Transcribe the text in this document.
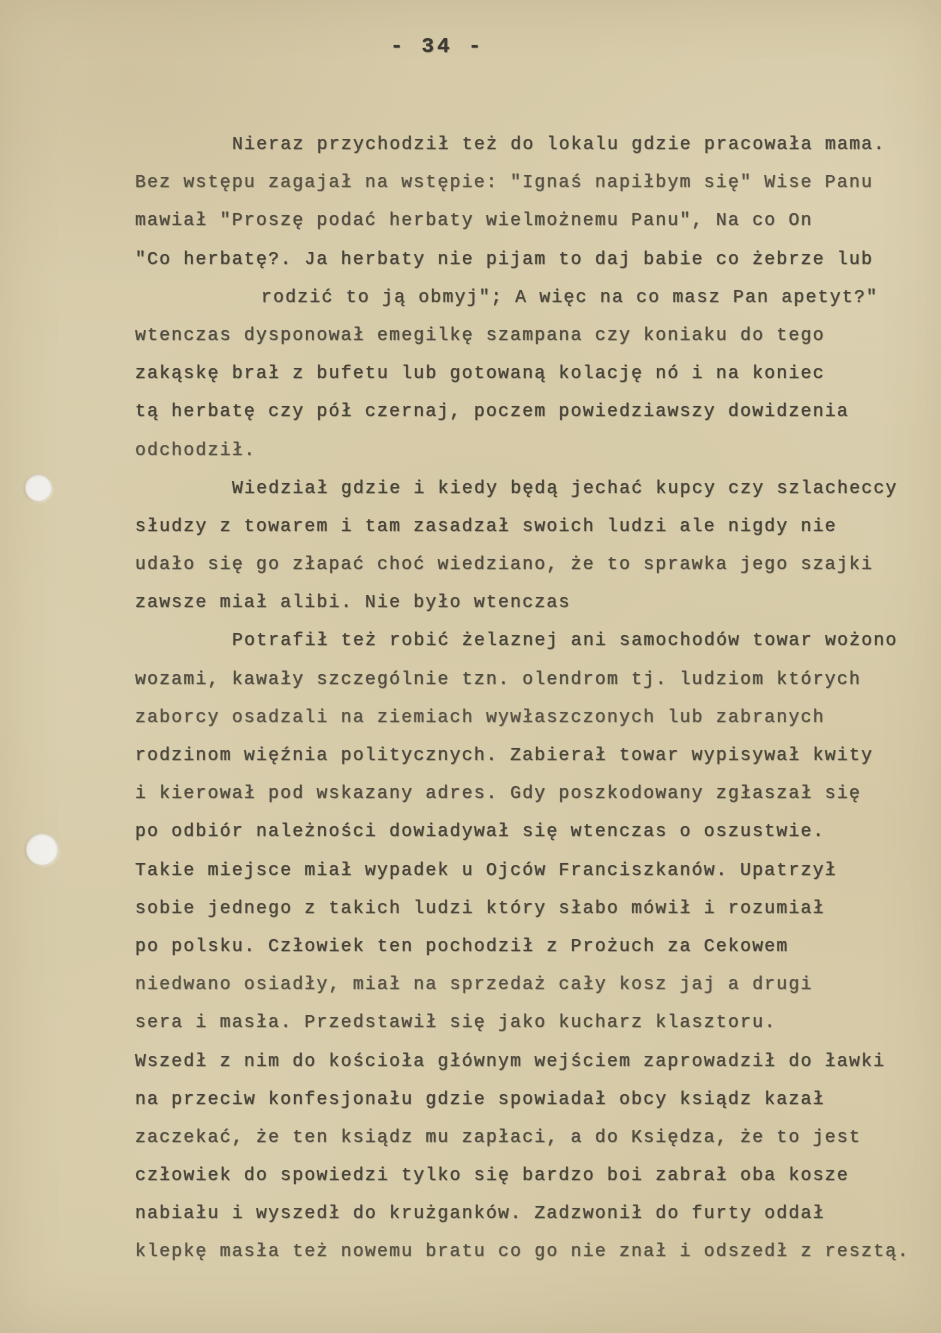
- 34 -
Nieraz przychodził też do lokalu gdzie pracowała mama.
Bez wstępu zagajał na wstępie: "Ignaś napiłbym się" Wise Panu
mawiał "Proszę podać herbaty wielmożnemu Panu", Na co On
"Co herbatę?. Ja herbaty nie pijam to daj babie co żebrze lub
rodzić to ją obmyj"; A więc na co masz Pan apetyt?"
wtenczas dysponował emegilkę szampana czy koniaku do tego
zakąskę brał z bufetu lub gotowaną kolację nó i na koniec
tą herbatę czy pół czernaj, poczem powiedziawszy dowidzenia
odchodził.
Wiedział gdzie i kiedy będą jechać kupcy czy szlacheccy
słudzy z towarem i tam zasadzał swoich ludzi ale nigdy nie
udało się go złapać choć wiedziano, że to sprawka jego szajki
zawsze miał alibi. Nie było wtenczas
Potrafił też robić żelaznej ani samochodów towar wożono
wozami, kawały szczególnie tzn. olendrom tj. ludziom których
zaborcy osadzali na ziemiach wywłaszczonych lub zabranych
rodzinom więźnia politycznych. Zabierał towar wypisywał kwity
i kierował pod wskazany adres. Gdy poszkodowany zgłaszał się
po odbiór należności dowiadywał się wtenczas o oszustwie.
Takie miejsce miał wypadek u Ojców Franciszkanów. Upatrzył
sobie jednego z takich ludzi który słabo mówił i rozumiał
po polsku. Człowiek ten pochodził z Prożuch za Cekowem
niedwano osiadły, miał na sprzedaż cały kosz jaj a drugi
sera i masła. Przedstawił się jako kucharz klasztoru.
Wszedł z nim do kościoła głównym wejściem zaprowadził do ławki
na przeciw konfesjonału gdzie spowiadał obcy ksiądz kazał
zaczekać, że ten ksiądz mu zapłaci, a do Księdza, że to jest
człowiek do spowiedzi tylko się bardzo boi zabrał oba kosze
nabiału i wyszedł do krużganków. Zadzwonił do furty oddał
klepkę masła też nowemu bratu co go nie znał i odszedł z resztą.
